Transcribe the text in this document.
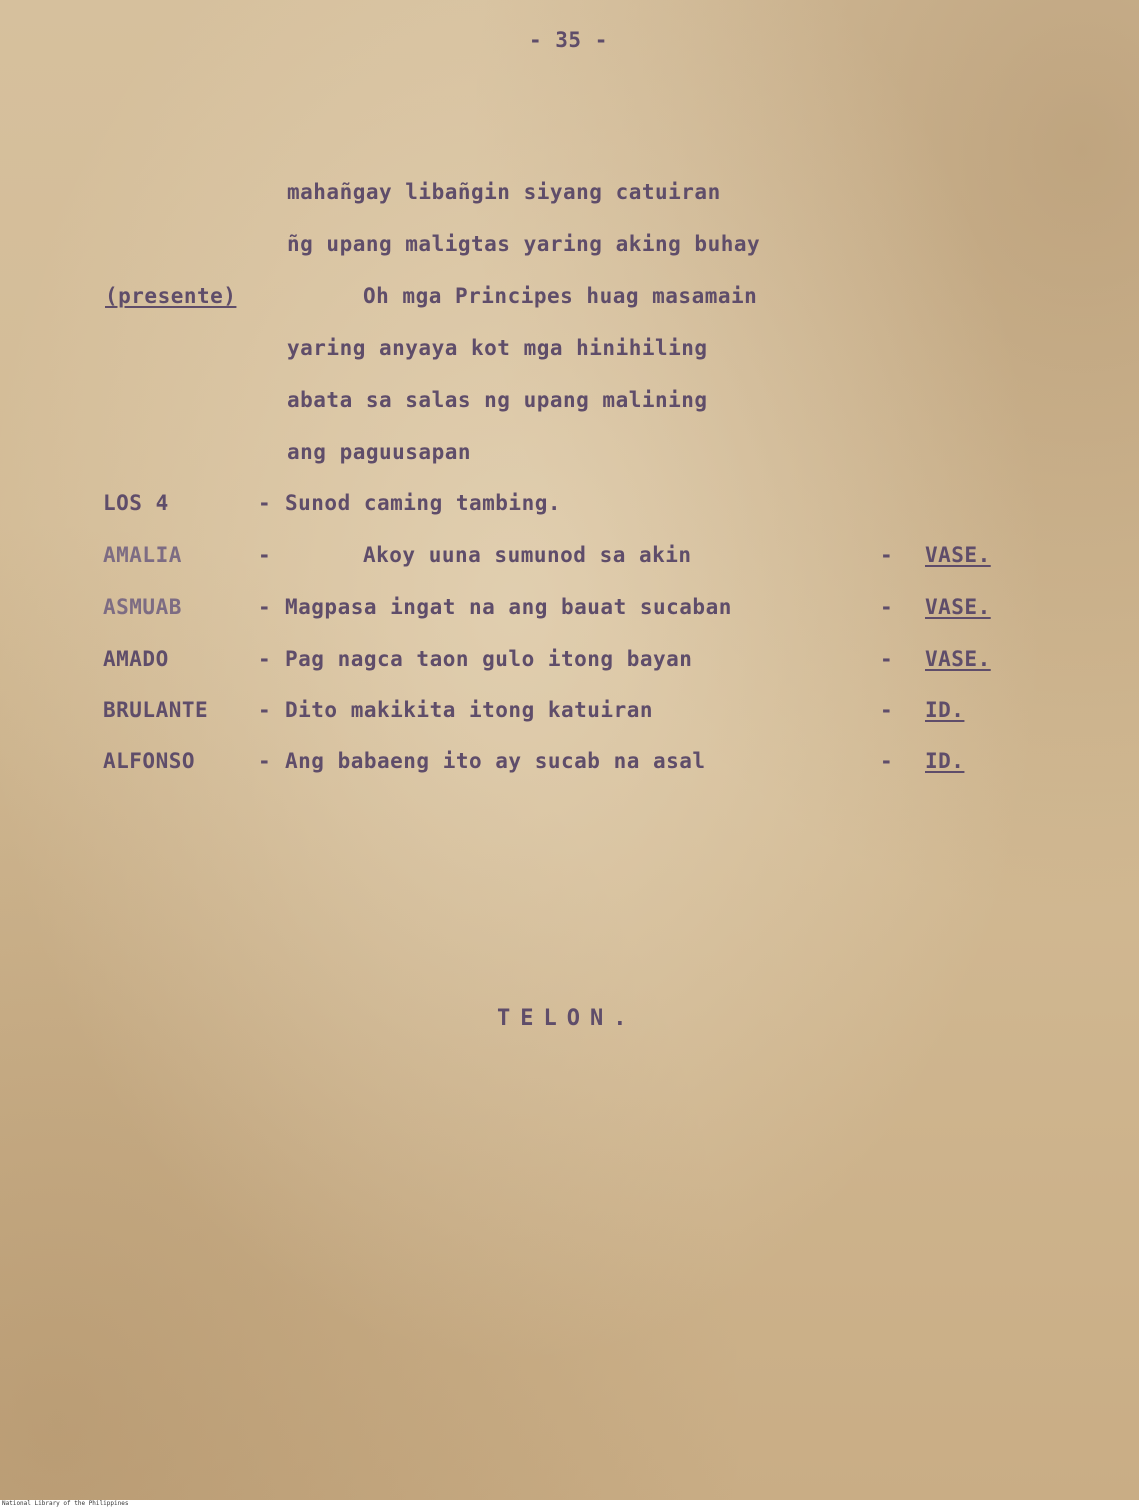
- 35 -
mahañgay libañgin siyang catuiran
ñg upang maligtas yaring aking buhay
(presente)	Oh mga Principes huag masamain
yaring anyaya kot mga hinihiling
abata sa salas ng upang malining
ang paguusapan
LOS 4	- Sunod caming tambing.
AMALIA	-	Akoy uuna sumunod sa akin	- VASE.
ASMUAB	- Magpasa ingat na ang bauat sucaban	- VASE.
AMADO	- Pag nagca taon gulo itong bayan	- VASE.
BRULANTE - Dito makikita itong katuiran	- ID.
ALFONSO	- Ang babaeng ito ay sucab na asal	- ID.
TELON.
National Library of the Philippines
